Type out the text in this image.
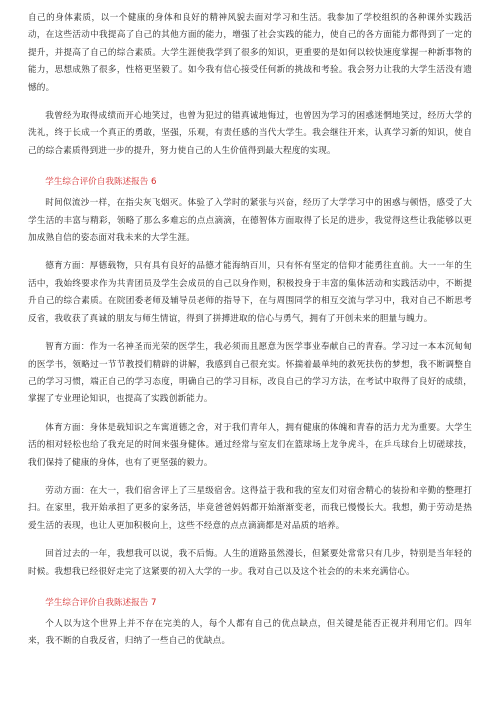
自己的身体素质，以一个健康的身体和良好的精神风貌去面对学习和生活。我参加了学校组织的各种课外实践活动，在这些活动中我提高了自己的其他方面的能力，增强了社会实践的能力，使自己的各方面能力都得到了一定的提升，并提高了自己的综合素质。大学生涯使我学到了很多的知识，更重要的是如何以较快速度掌握一种新事物的能力，思想成熟了很多，性格更坚毅了。如今我有信心接受任何新的挑战和考验。我会努力让我的大学生活没有遗憾的。

我曾经为取得成绩而开心地笑过，也曾为犯过的错真诚地悔过，也曾因为学习的困惑迷惘地笑过，经历大学的洗礼，终于长成一个真正的勇敢，坚强，乐观，有责任感的当代大学生。我会继往开来，认真学习新的知识，使自己的综合素质得到进一步的提升，努力使自己的人生价值得到最大程度的实现。

学生综合评价自我陈述报告 6

时间似流沙一样，在指尖灰飞烟灭。体验了入学时的紧张与兴奋，经历了大学学习中的困惑与顿悟，感受了大学生活的丰富与精彩，领略了那么多难忘的点点滴滴，在德智体方面取得了长足的进步，我觉得这些让我能够以更加成熟自信的姿态面对我未来的大学生涯。

德育方面：厚德载物，只有具有良好的品德才能海纳百川，只有怀有坚定的信仰才能勇往直前。大一一年的生活中，我始终要求作为共青团员及学生会成员的自己以身作则，积极投身于丰富的集体活动和实践活动中，不断提升自己的综合素质。在院团委老师及辅导员老师的指导下，在与周围同学的相互交流与学习中，我对自己不断思考反省，我收获了真诚的朋友与师生情谊，得到了拼搏进取的信心与勇气，拥有了开创未来的胆量与魄力。

智育方面：作为一名神圣而光荣的医学生，我必须而且愿意为医学事业奉献自己的青春。学习过一本本沉甸甸的医学书，领略过一节节教授们精辟的讲解，我感到自己很充实。怀揣着最单纯的救死扶伤的梦想，我不断调整自己的学习习惯，端正自己的学习态度，明确自己的学习目标，改良自己的学习方法，在考试中取得了良好的成绩，掌握了专业理论知识，也提高了实践创新能力。

体育方面：身体是载知识之车寓道德之舍，对于我们青年人，拥有健康的体魄和青春的活力尤为重要。大学生活的相对轻松也给了我充足的时间来强身健体。通过经常与室友们在篮球场上龙争虎斗，在乒乓球台上切磋球技，我们保持了健康的身体，也有了更坚强的毅力。

劳动方面：在大一，我们宿舍评上了三星级宿舍。这得益于我和我的室友们对宿舍精心的装扮和辛勤的整理打扫。在家里，我开始承担了更多的家务活，毕竟爸爸妈妈都开始渐渐变老，而我已慢慢长大。我想，勤于劳动是热爱生活的表现，也让人更加积极向上，这些不经意的点点滴滴都是对品质的培养。

回首过去的一年，我想我可以说，我不后悔。人生的道路虽然漫长，但紧要处常常只有几步，特别是当年轻的时候。我想我已经很好走完了这紧要的初入大学的一步。我对自己以及这个社会的的未来充满信心。

学生综合评价自我陈述报告 7

个人以为这个世界上并不存在完美的人，每个人都有自己的优点缺点，但关键是能否正视并利用它们。四年来，我不断的自我反省，归纳了一些自己的优缺点。
